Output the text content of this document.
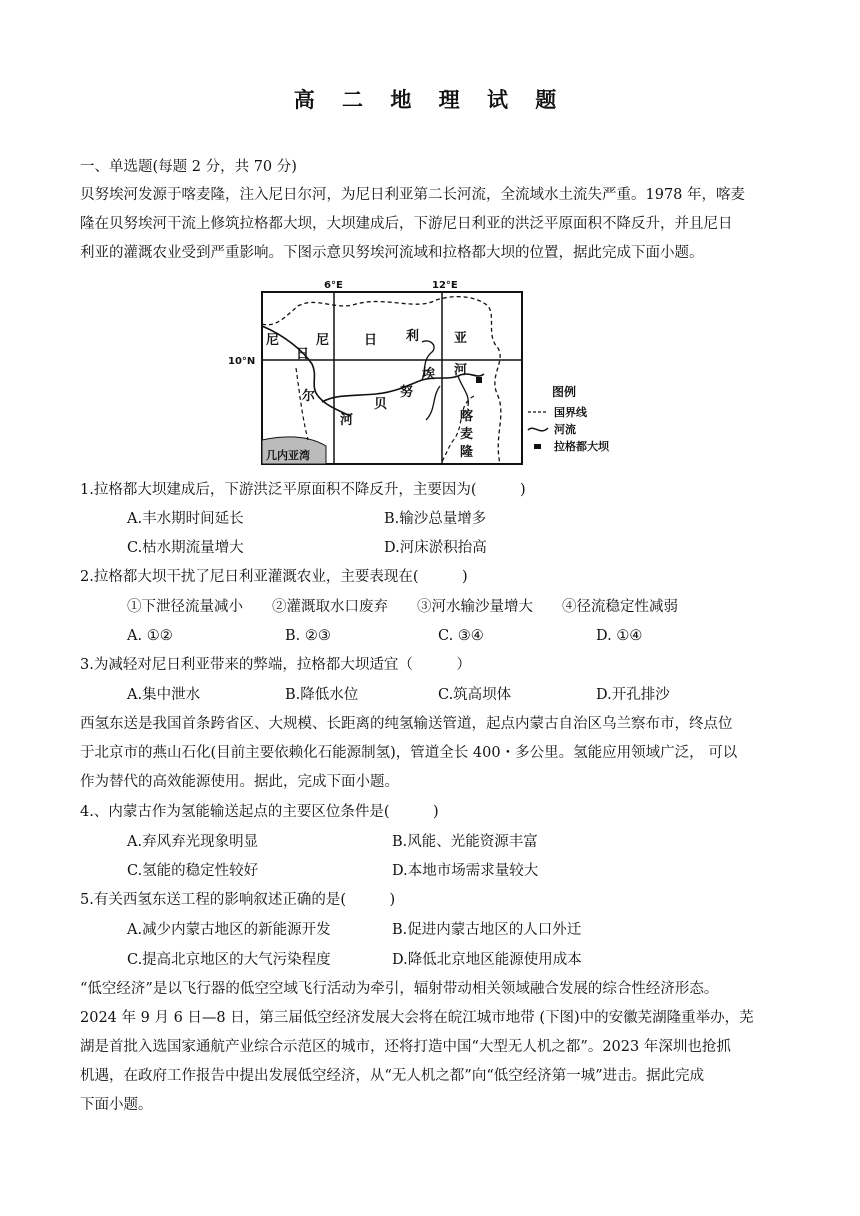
高 二 地 理 试 题
一、单选题(每题 2 分，共 70 分)
贝努埃河发源于喀麦隆，注入尼日尔河，为尼日利亚第二长河流，全流域水土流失严重。1978 年，喀麦
隆在贝努埃河干流上修筑拉格都大坝，大坝建成后，下游尼日利亚的洪泛平原面积不降反升，并且尼日
利亚的灌溉农业受到严重影响。下图示意贝努埃河流域和拉格都大坝的位置，据此完成下面小题。
6°E	12°E
10°N
尼
日
尔
河
尼	日 利	亚
贝
努
埃 河
喀
麦
隆
几内亚湾
图例
国界线
河流
拉格都大坝
1.拉格都大坝建成后，下游洪泛平原面积不降反升，主要因为(　　　)
A.丰水期时间延长	B.输沙总量增多
C.枯水期流量增大	D.河床淤积抬高
2.拉格都大坝干扰了尼日利亚灌溉农业，主要表现在(　　　)
①下泄径流量减小　　②灌溉取水口废弃　　③河水输沙量增大　　④径流稳定性减弱
A. ①②	B. ②③	C. ③④	D. ①④
3.为减轻对尼日利亚带来的弊端，拉格都大坝适宜（　　　）
A.集中泄水	B.降低水位	C.筑高坝体	D.开孔排沙
西氢东送是我国首条跨省区、大规模、长距离的纯氢输送管道，起点内蒙古自治区乌兰察布市，终点位
于北京市的燕山石化(目前主要依赖化石能源制氢)，管道全长 400・多公里。氢能应用领域广泛， 可以
作为替代的高效能源使用。据此，完成下面小题。
4.、内蒙古作为氢能输送起点的主要区位条件是(　　　)
A.弃风弃光现象明显	B.风能、光能资源丰富
C.氢能的稳定性较好	D.本地市场需求量较大
5.有关西氢东送工程的影响叙述正确的是(　　　)
A.减少内蒙古地区的新能源开发	B.促进内蒙古地区的人口外迁
C.提高北京地区的大气污染程度	D.降低北京地区能源使用成本
“低空经济”是以飞行器的低空空域飞行活动为牵引，辐射带动相关领域融合发展的综合性经济形态。
2024 年 9 月 6 日—8 日，第三届低空经济发展大会将在皖江城市地带 (下图)中的安徽芜湖隆重举办，芜
湖是首批入选国家通航产业综合示范区的城市，还将打造中国“大型无人机之都”。2023 年深圳也抢抓
机遇，在政府工作报告中提出发展低空经济，从“无人机之都”向“低空经济第一城”进击。据此完成
下面小题。
